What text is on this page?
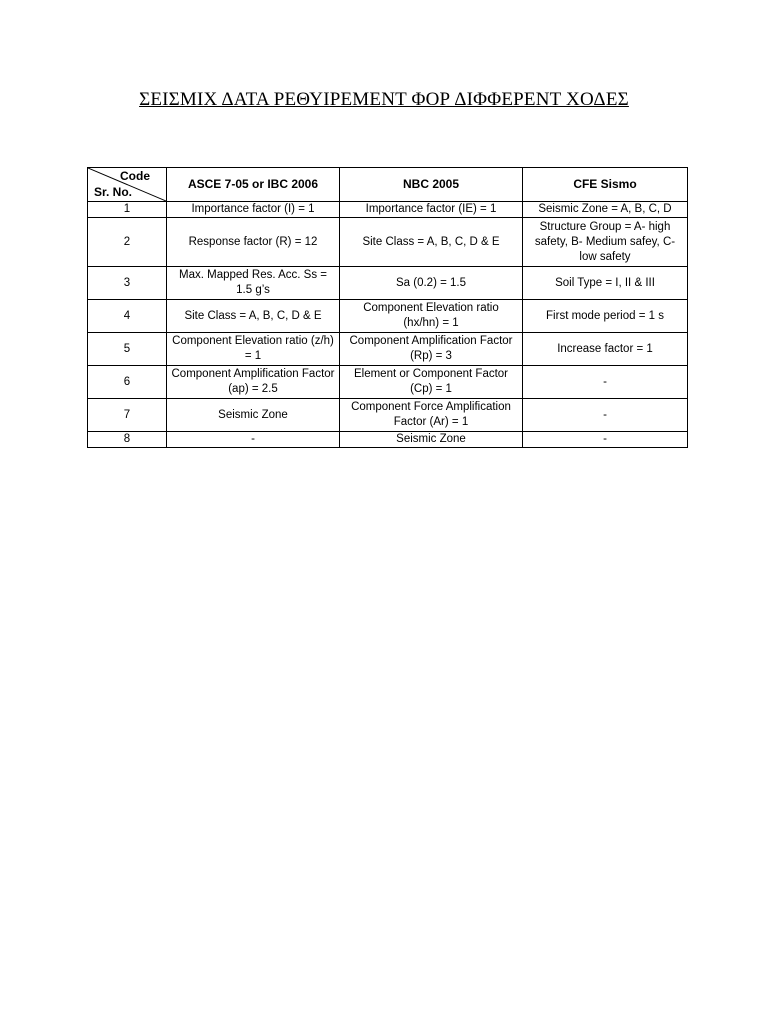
ΣΕΙΣΜΙΧ ΔΑΤΑ ΡΕΘΥΙΡΕΜΕΝΤ ΦΟΡ ΔΙΦΦΕΡΕΝΤ ΧΟΔΕΣ
Code
Sr. No.	ASCE 7-05 or IBC 2006	NBC 2005	CFE Sismo
1	Importance factor (I) = 1	Importance factor (IE) = 1	Seismic Zone = A, B, C, D
2	Response factor (R) = 12	Site Class = A, B, C, D & E	Structure Group = A- high safety, B- Medium safey, C- low safety
3	Max. Mapped Res. Acc. Ss = 1.5 g’s	Sa (0.2) = 1.5	Soil Type = I, II & III
4	Site Class = A, B, C, D & E	Component Elevation ratio (hx/hn) = 1	First mode period = 1 s
5	Component Elevation ratio (z/h) = 1	Component Amplification Factor (Rp) = 3	Increase factor = 1
6	Component Amplification Factor (ap) = 2.5	Element or Component Factor (Cp) = 1	-
7	Seismic Zone	Component Force Amplification Factor (Ar) = 1	-
8	-	Seismic Zone	-
